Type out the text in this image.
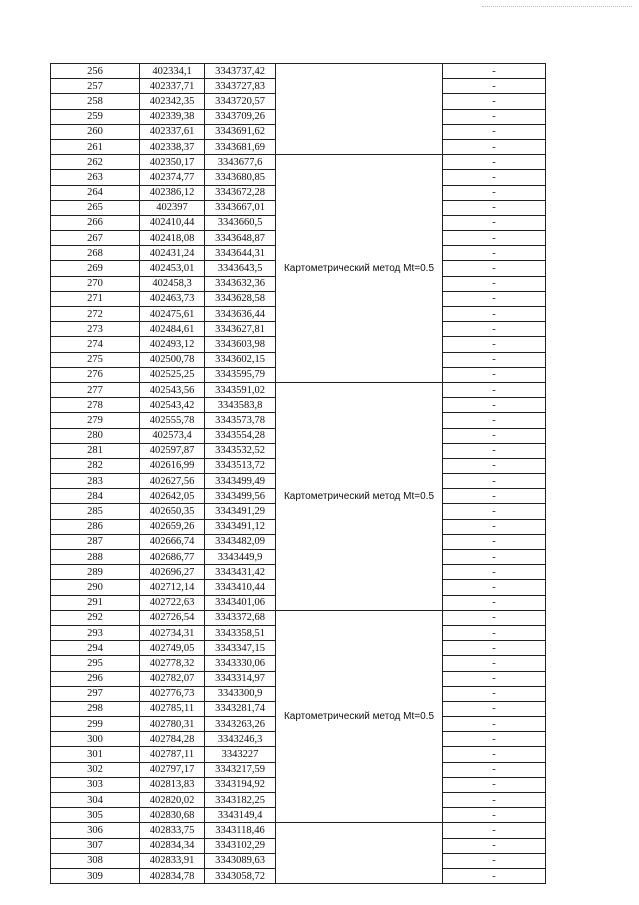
256	402334,1	3343737,42		-
257	402337,71	3343727,83		-
258	402342,35	3343720,57		-
259	402339,38	3343709,26		-
260	402337,61	3343691,62		-
261	402338,37	3343681,69		-
262	402350,17	3343677,6	Картометрический метод Mt=0.5	-
263	402374,77	3343680,85		-
264	402386,12	3343672,28		-
265	402397	3343667,01		-
266	402410,44	3343660,5		-
267	402418,08	3343648,87		-
268	402431,24	3343644,31		-
269	402453,01	3343643,5		-
270	402458,3	3343632,36		-
271	402463,73	3343628,58		-
272	402475,61	3343636,44		-
273	402484,61	3343627,81		-
274	402493,12	3343603,98		-
275	402500,78	3343602,15		-
276	402525,25	3343595,79		-
277	402543,56	3343591,02	Картометрический метод Mt=0.5	-
278	402543,42	3343583,8		-
279	402555,78	3343573,78		-
280	402573,4	3343554,28		-
281	402597,87	3343532,52		-
282	402616,99	3343513,72		-
283	402627,56	3343499,49		-
284	402642,05	3343499,56		-
285	402650,35	3343491,29		-
286	402659,26	3343491,12		-
287	402666,74	3343482,09		-
288	402686,77	3343449,9		-
289	402696,27	3343431,42		-
290	402712,14	3343410,44		-
291	402722,63	3343401,06		-
292	402726,54	3343372,68	Картометрический метод Mt=0.5	-
293	402734,31	3343358,51		-
294	402749,05	3343347,15		-
295	402778,32	3343330,06		-
296	402782,07	3343314,97		-
297	402776,73	3343300,9		-
298	402785,11	3343281,74		-
299	402780,31	3343263,26		-
300	402784,28	3343246,3		-
301	402787,11	3343227		-
302	402797,17	3343217,59		-
303	402813,83	3343194,92		-
304	402820,02	3343182,25		-
305	402830,68	3343149,4		-
306	402833,75	3343118,46		-
307	402834,34	3343102,29		-
308	402833,91	3343089,63		-
309	402834,78	3343058,72		-
